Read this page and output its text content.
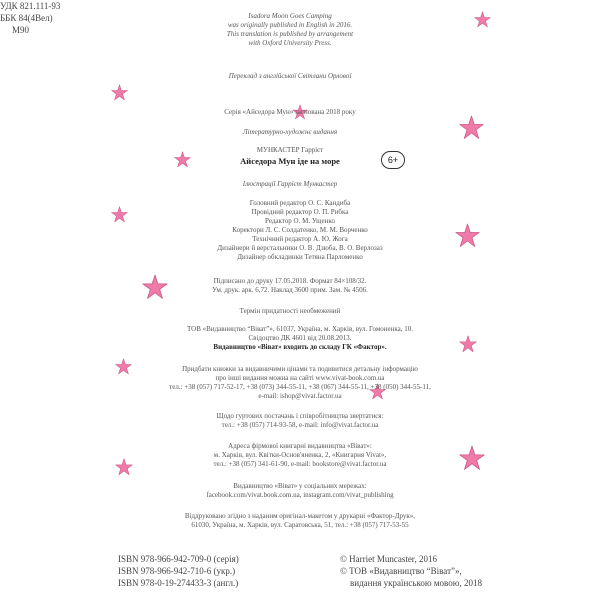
УДК 821.111-93
ББК 84(4Вел)
М90
Isadora Moon Goes Camping
was originally published in English in 2016.
This translation is published by arrangement
with Oxford University Press.
Переклад з англійської Світлани Орлової
Серія «Айседора Мун» заснована 2018 року
Літературно-художнє видання
МУНКАСТЕР Гаррієт
Айседора Мун іде на море	6+
Ілюстрації Гаррієт Мункастер
Головний редактор О. С. Кандиба
Провідний редактор О. П. Рибка
Редактор О. М. Ущенко
Коректори Л. С. Солдатенко, М. М. Ворченко
Технічний редактор А. Ю. Жога
Дизайнери й верстальники О. В. Дзюба, В. О. Верлозаз
Дизайнер обкладинки Тетяна Парломенко
Підписано до друку 17.05.2018. Формат 84×108/32.
Ум. друк. арк. 6,72. Наклад 3600 прим. Зам. № 4506.
Термін придатності необмежений
ТОВ «Видавництво “Віват”», 61037, Україна, м. Харків, вул. Гомоненка, 10.
Свідоцтво ДК 4601 від 20.08.2013.
Видавництво «Віват» входить до складу ГК «Фактор».
Придбати книжки за видавничими цінами та подивитися детальну інформацію
про інші видання можна на сайті www.vivat-book.com.ua
тел.: +38 (057) 717-52-17, +38 (073) 344-55-11, +38 (067) 344-55-11, +38 (050) 344-55-11,
e-mail: ishop@vivat.factor.ua
Щодо гуртових постачань і співробітництва звертатися:
тел.: +38 (057) 714-93-58, e-mail: info@vivat.factor.ua
Адреса фірмової книгарні видавництва «Віват»:
м. Харків, вул. Квітки-Основ'яненка, 2, «Книгарня Vivat»,
тел.: +38 (057) 341-61-90, e-mail: bookstore@vivat.factor.ua
Видавництво «Віват» у соціальних мережах:
facebook.com/vivat.book.com.ua, instagram.com/vivat_publishing
Віддруковано згідно з наданим оригінал-макетом у друкарні «Фактор-Друк»,
61030, Україна, м. Харків, вул. Саратовська, 51, тел.: +38 (057) 717-53-55
ISBN 978-966-942-709-0 (серія)
ISBN 978-966-942-710-6 (укр.)
ISBN 978-0-19-274433-3 (англ.)
© Harriet Muncaster, 2016
© ТОВ «Видавництво “Віват”»,
видання українською мовою, 2018
